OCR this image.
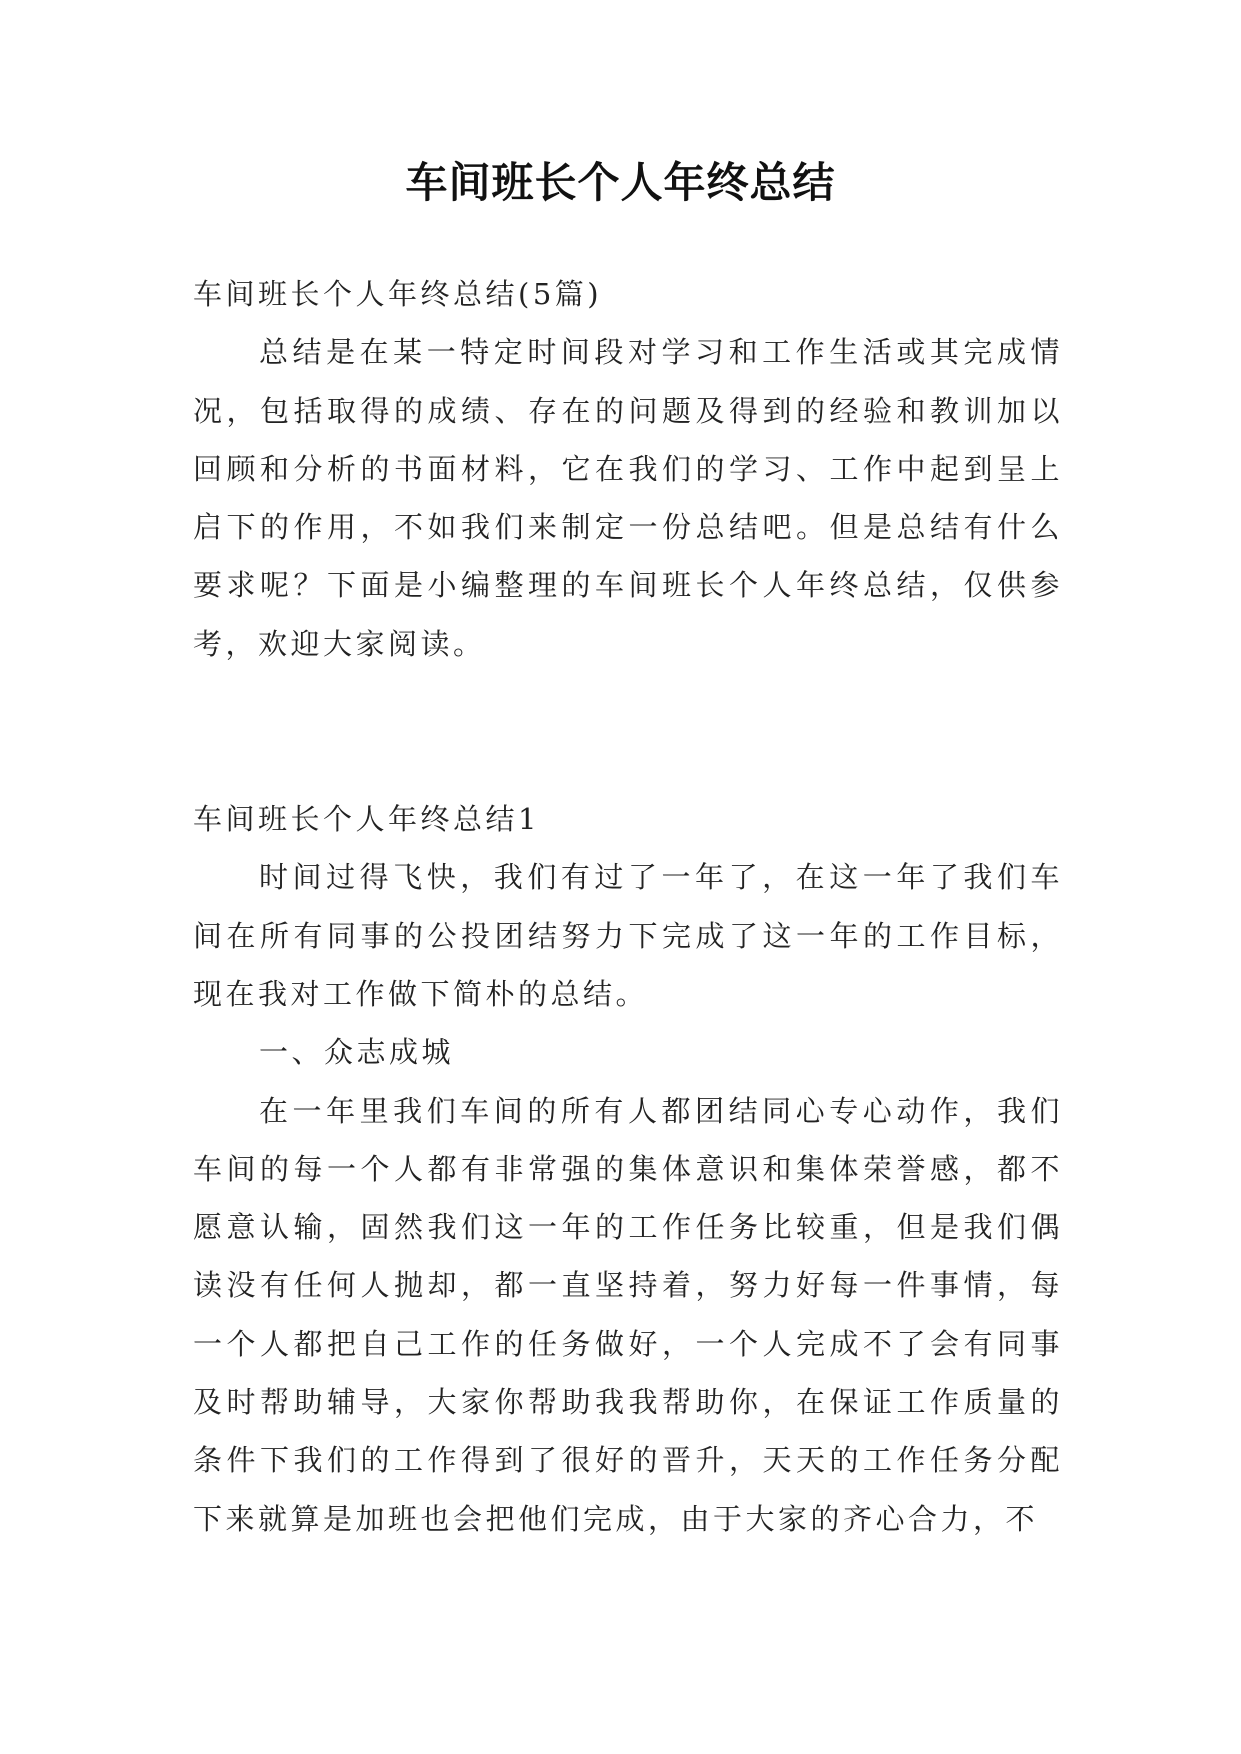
车间班长个人年终总结

车间班长个人年终总结(5篇)

总结是在某一特定时间段对学习和工作生活或其完成情况，包括取得的成绩、存在的问题及得到的经验和教训加以回顾和分析的书面材料，它在我们的学习、工作中起到呈上启下的作用，不如我们来制定一份总结吧。但是总结有什么要求呢？下面是小编整理的车间班长个人年终总结，仅供参考，欢迎大家阅读。

车间班长个人年终总结1

时间过得飞快，我们有过了一年了，在这一年了我们车间在所有同事的公投团结努力下完成了这一年的工作目标，现在我对工作做下简朴的总结。

一、众志成城

在一年里我们车间的所有人都团结同心专心动作，我们车间的每一个人都有非常强的集体意识和集体荣誉感，都不愿意认输，固然我们这一年的工作任务比较重，但是我们偶读没有任何人抛却，都一直坚持着，努力好每一件事情，每一个人都把自己工作的任务做好，一个人完成不了会有同事及时帮助辅导，大家你帮助我我帮助你，在保证工作质量的条件下我们的工作得到了很好的晋升，天天的工作任务分配下来就算是加班也会把他们完成，由于大家的齐心合力，不
